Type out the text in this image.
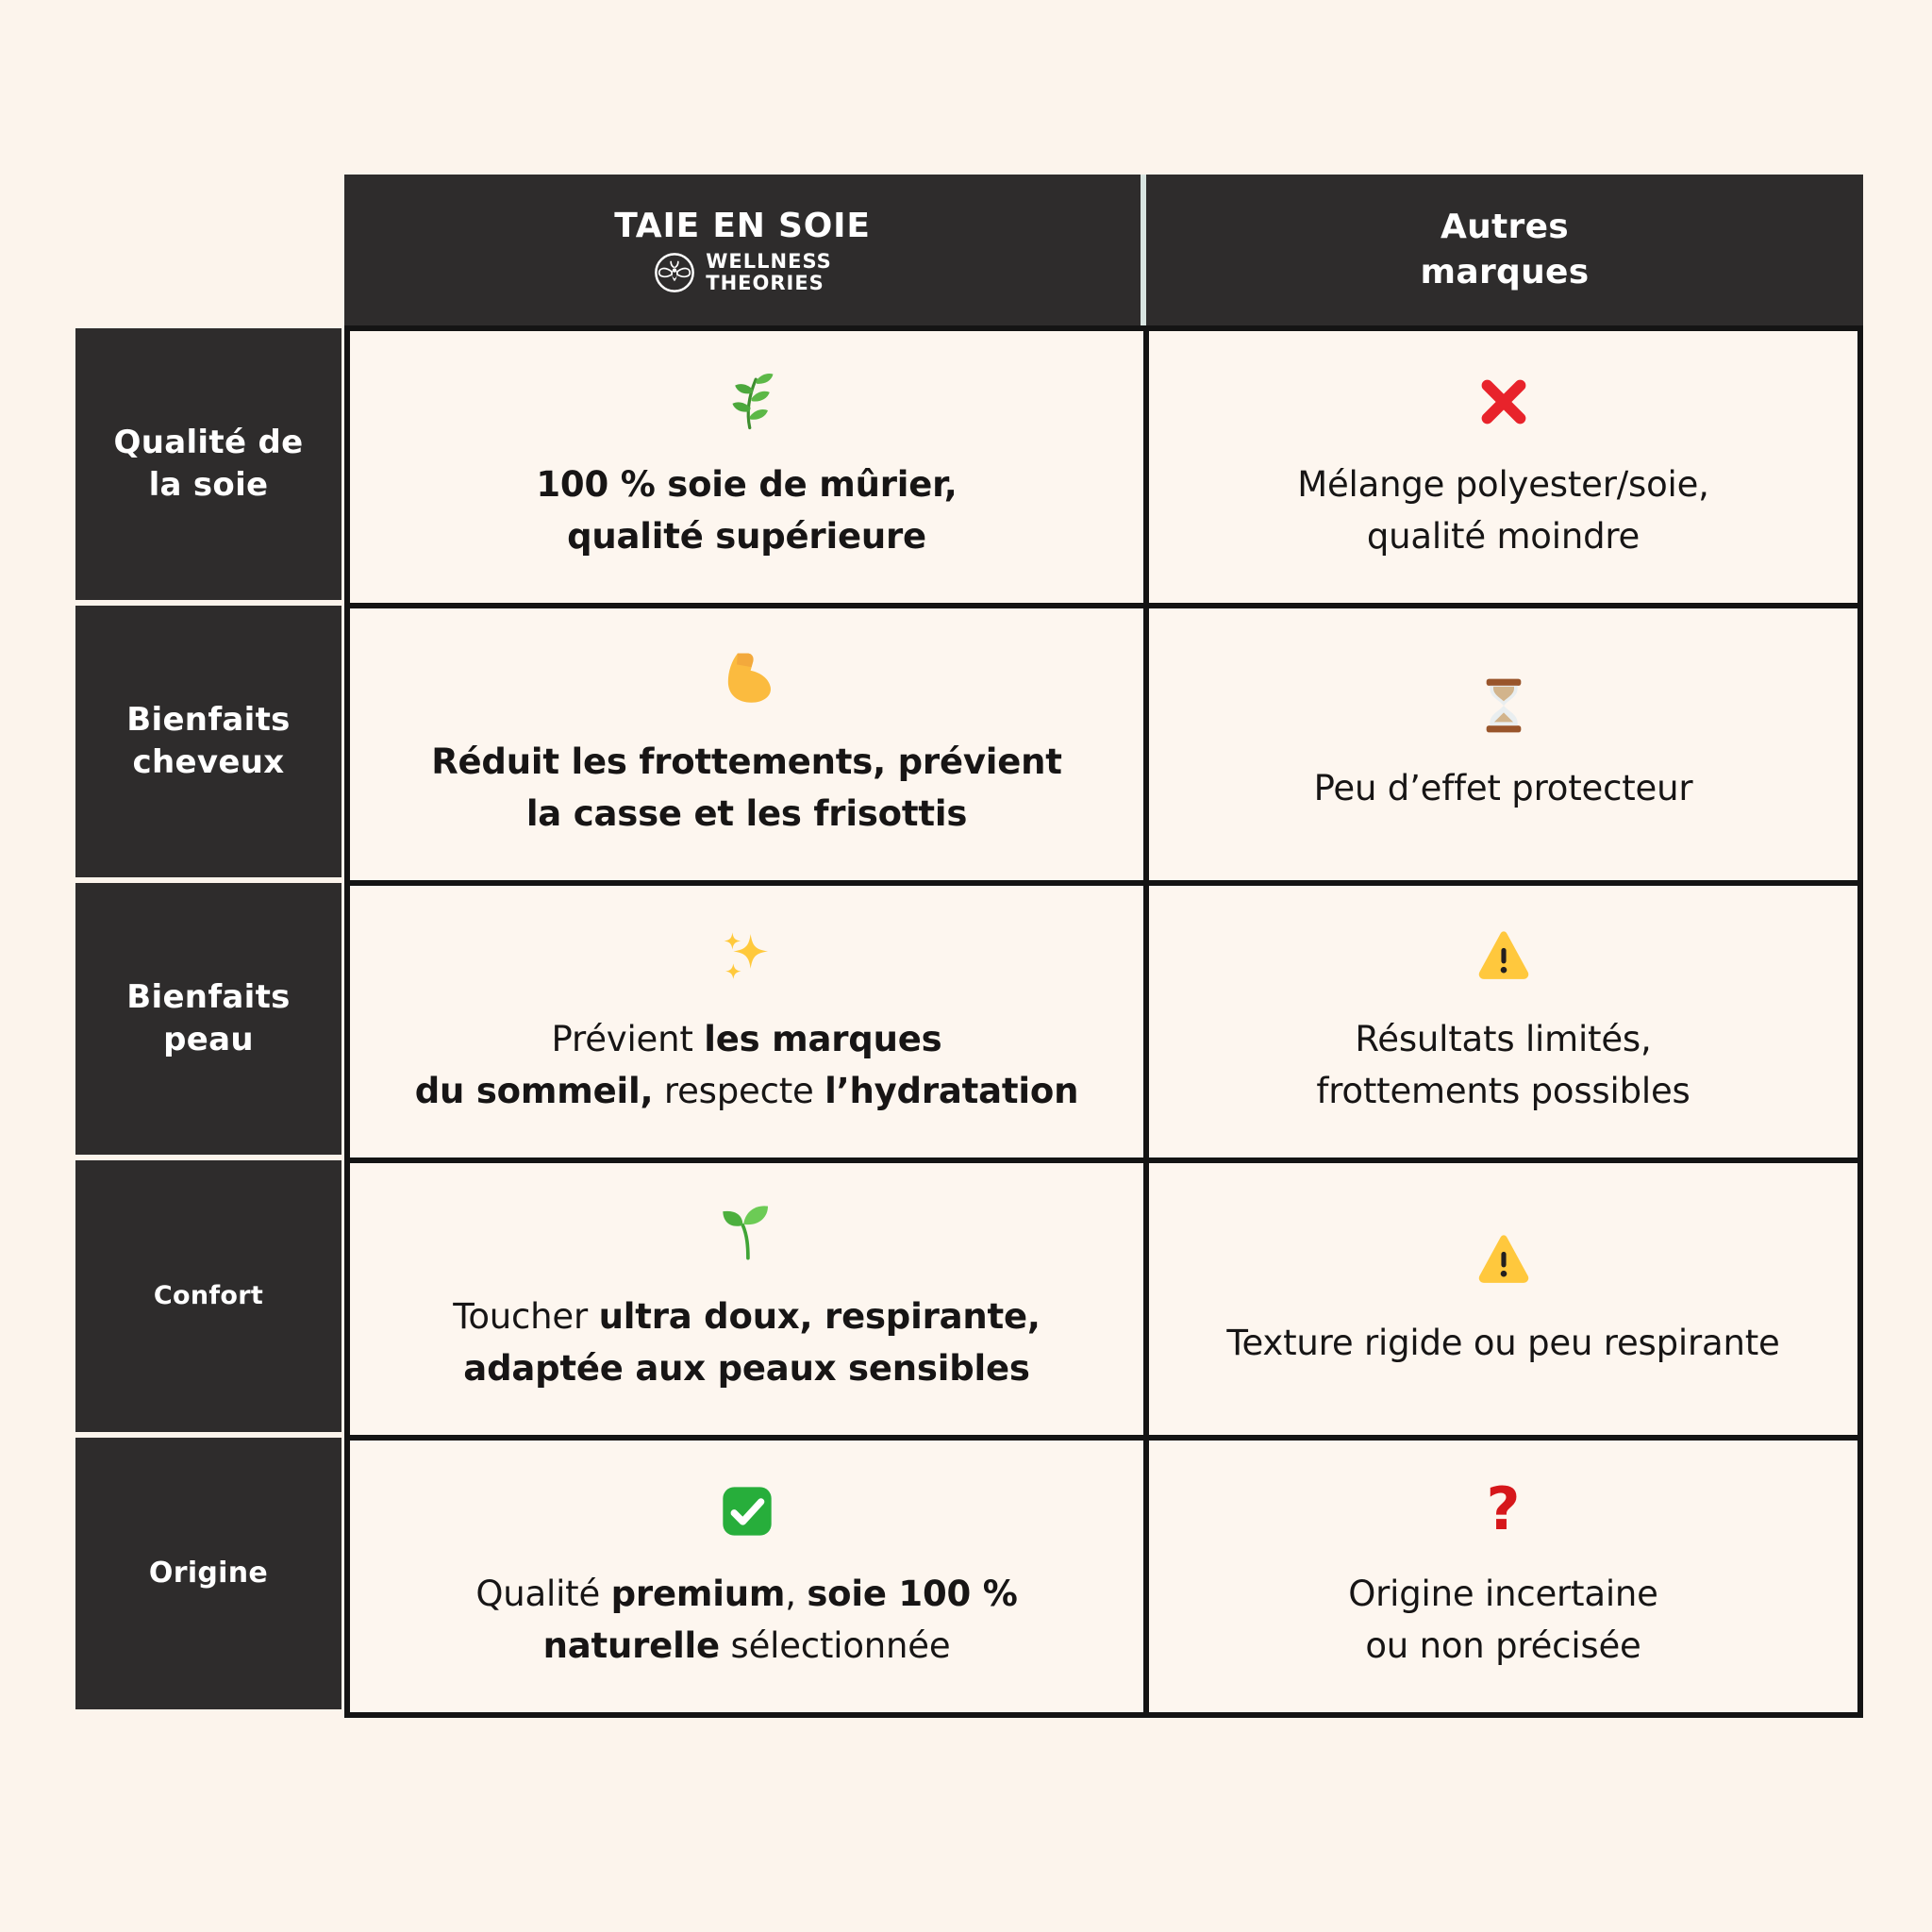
Qualité de
la soie
Bienfaits
cheveux
Bienfaits
peau
Confort
Origine
TAIE EN SOIE
WELLNESS
THEORIES
Autres
marques
100 % soie de mûrier,
qualité supérieure
Mélange polyester/soie,
qualité moindre
Réduit les frottements, prévient
la casse et les frisottis
Peu d’effet protecteur
Prévient les marques
du sommeil, respecte l’hydratation
Résultats limités,
frottements possibles
Toucher ultra doux, respirante,
adaptée aux peaux sensibles
Texture rigide ou peu respirante
Qualité premium, soie 100 %
naturelle sélectionnée
?
Origine incertaine
ou non précisée
